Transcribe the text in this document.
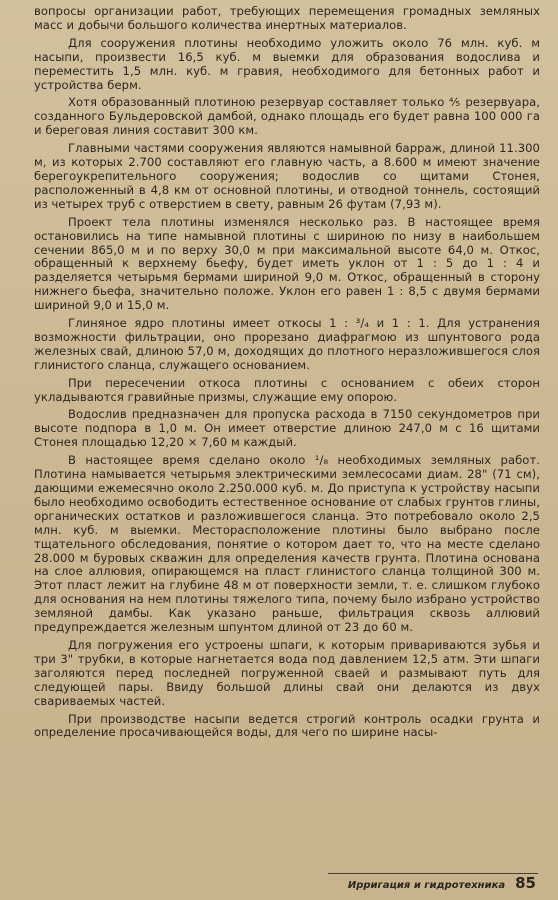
вопросы организации работ, требующих перемещения громадных земляных масс и добычи большого количества инертных материалов.

Для сооружения плотины необходимо уложить около 76 млн. куб. м насыпи, произвести 16,5 куб. м выемки для образования водослива и переместить 1,5 млн. куб. м гравия, необходимого для бетонных работ и устройства берм.

Хотя образованный плотиною резервуар составляет только ⅘ резервуара, созданного Бульдеровской дамбой, однако площадь его будет равна 100 000 га и береговая линия составит 300 км.

Главными частями сооружения являются намывной барраж, длиной 11.300 м, из которых 2.700 составляют его главную часть, а 8.600 м имеют значение берегоукрепительного сооружения; водослив со щитами Стонея, расположенный в 4,8 км от основной плотины, и отводной тоннель, состоящий из четырех труб с отверстием в свету, равным 26 футам (7,93 м).

Проект тела плотины изменялся несколько раз. В настоящее время остановились на типе намывной плотины с шириною по низу в наибольшем сечении 865,0 м и по верху 30,0 м при максимальной высоте 64,0 м. Откос, обращенный к верхнему бьефу, будет иметь уклон от 1 : 5 до 1 : 4 и разделяется четырьмя бермами шириной 9,0 м. Откос, обращенный в сторону нижнего бьефа, значительно положе. Уклон его равен 1 : 8,5 с двумя бермами шириной 9,0 и 15,0 м.

Глиняное ядро плотины имеет откосы 1 : ³/₄ и 1 : 1. Для устранения возможности фильтрации, оно прорезано диафрагмою из шпунтового рода железных свай, длиною 57,0 м, доходящих до плотного неразложившегося слоя глинистого сланца, служащего основанием.

При пересечении откоса плотины с основанием с обеих сторон укладываются гравийные призмы, служащие ему опорою.

Водослив предназначен для пропуска расхода в 7150 секундометров при высоте подпора в 1,0 м. Он имеет отверстие длиною 247,0 м с 16 щитами Стонея площадью 12,20 × 7,60 м каждый.

В настоящее время сделано около ¹/₈ необходимых земляных работ. Плотина намывается четырьмя электрическими землесосами диам. 28" (71 см), дающими ежемесячно около 2.250.000 куб. м. До приступа к устройству насыпи было необходимо освободить естественное основание от слабых грунтов глины, органических остатков и разложившегося сланца. Это потребовало около 2,5 млн. куб. м выемки. Месторасположение плотины было выбрано после тщательного обследования, понятие о котором дает то, что на месте сделано 28.000 м буровых скважин для определения качеств грунта. Плотина основана на слое аллювия, опирающемся на пласт глинистого сланца толщиной 300 м. Этот пласт лежит на глубине 48 м от поверхности земли, т. е. слишком глубоко для основания на нем плотины тяжелого типа, почему было избрано устройство земляной дамбы. Как указано раньше, фильтрация сквозь аллювий предупреждается железным шпунтом длиной от 23 до 60 м.

Для погружения его устроены шпаги, к которым привариваются зубья и три 3" трубки, в которые нагнетается вода под давлением 12,5 атм. Эти шпаги заголяются перед последней погруженной сваей и размывают путь для следующей пары. Ввиду большой длины свай они делаются из двух свариваемых частей.

При производстве насыпи ведется строгий контроль осадки грунта и определение просачивающейся воды, для чего по ширине насы-

Ирригация и гидротехника 85
